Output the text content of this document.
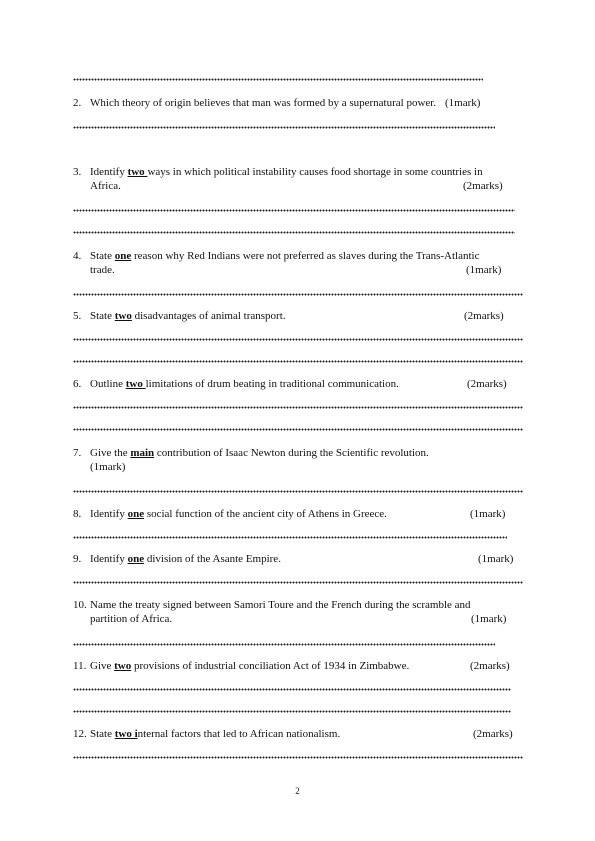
2. Which theory of origin believes that man was formed by a supernatural power. (1mark)
3. Identify two ways in which political instability causes food shortage in some countries in
Africa.	(2marks)
4. State one reason why Red Indians were not preferred as slaves during the Trans-Atlantic
trade.	(1mark)
5. State two disadvantages of animal transport.	(2marks)
6. Outline two limitations of drum beating in traditional communication.	(2marks)
7. Give the main contribution of Isaac Newton during the Scientific revolution.
(1mark)
8. Identify one social function of the ancient city of Athens in Greece.	(1mark)
9. Identify one division of the Asante Empire.	(1mark)
10. Name the treaty signed between Samori Toure and the French during the scramble and
partition of Africa.	(1mark)
11. Give two provisions of industrial conciliation Act of 1934 in Zimbabwe.	(2marks)
12. State two internal factors that led to African nationalism.	(2marks)
2
